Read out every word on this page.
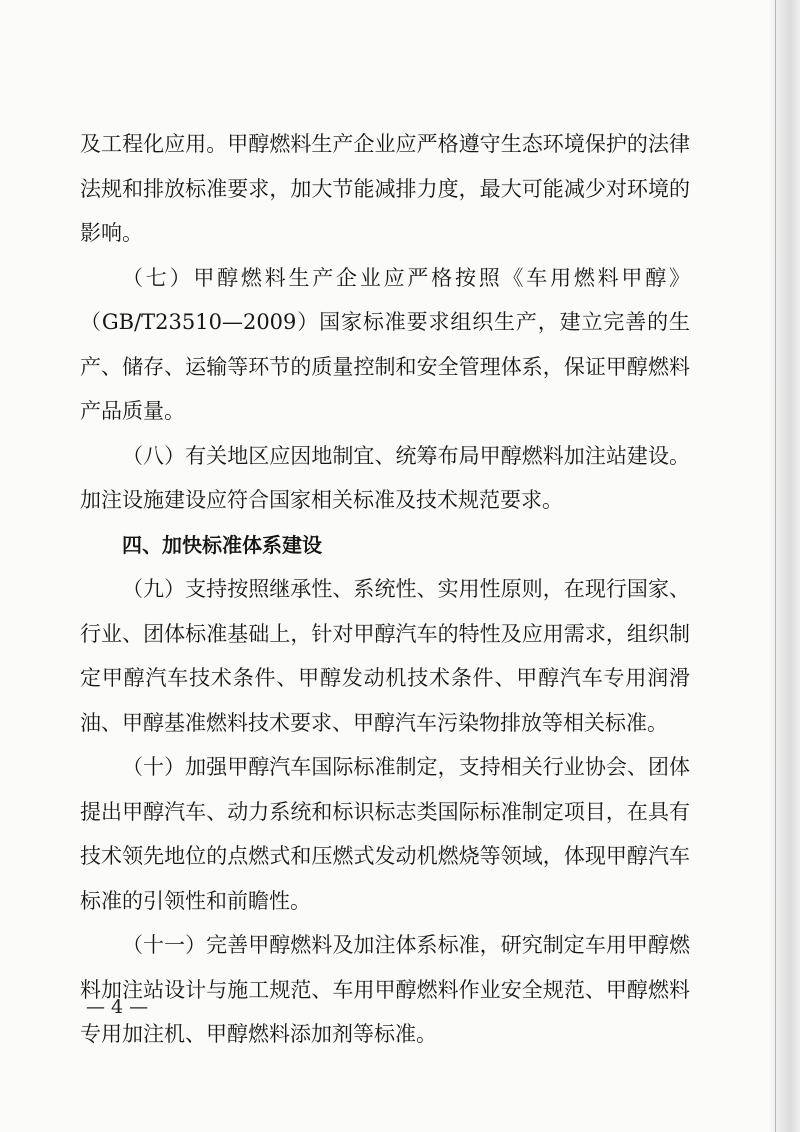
及工程化应用。甲醇燃料生产企业应严格遵守生态环境保护的法律法规和排放标准要求，加大节能减排力度，最大可能减少对环境的影响。

（七）甲醇燃料生产企业应严格按照《车用燃料甲醇》（GB/T23510—2009）国家标准要求组织生产，建立完善的生产、储存、运输等环节的质量控制和安全管理体系，保证甲醇燃料产品质量。

（八）有关地区应因地制宜、统筹布局甲醇燃料加注站建设。加注设施建设应符合国家相关标准及技术规范要求。

四、加快标准体系建设

（九）支持按照继承性、系统性、实用性原则，在现行国家、行业、团体标准基础上，针对甲醇汽车的特性及应用需求，组织制定甲醇汽车技术条件、甲醇发动机技术条件、甲醇汽车专用润滑油、甲醇基准燃料技术要求、甲醇汽车污染物排放等相关标准。

（十）加强甲醇汽车国际标准制定，支持相关行业协会、团体提出甲醇汽车、动力系统和标识标志类国际标准制定项目，在具有技术领先地位的点燃式和压燃式发动机燃烧等领域，体现甲醇汽车标准的引领性和前瞻性。

（十一）完善甲醇燃料及加注体系标准，研究制定车用甲醇燃料加注站设计与施工规范、车用甲醇燃料作业安全规范、甲醇燃料专用加注机、甲醇燃料添加剂等标准。

— 4 —
